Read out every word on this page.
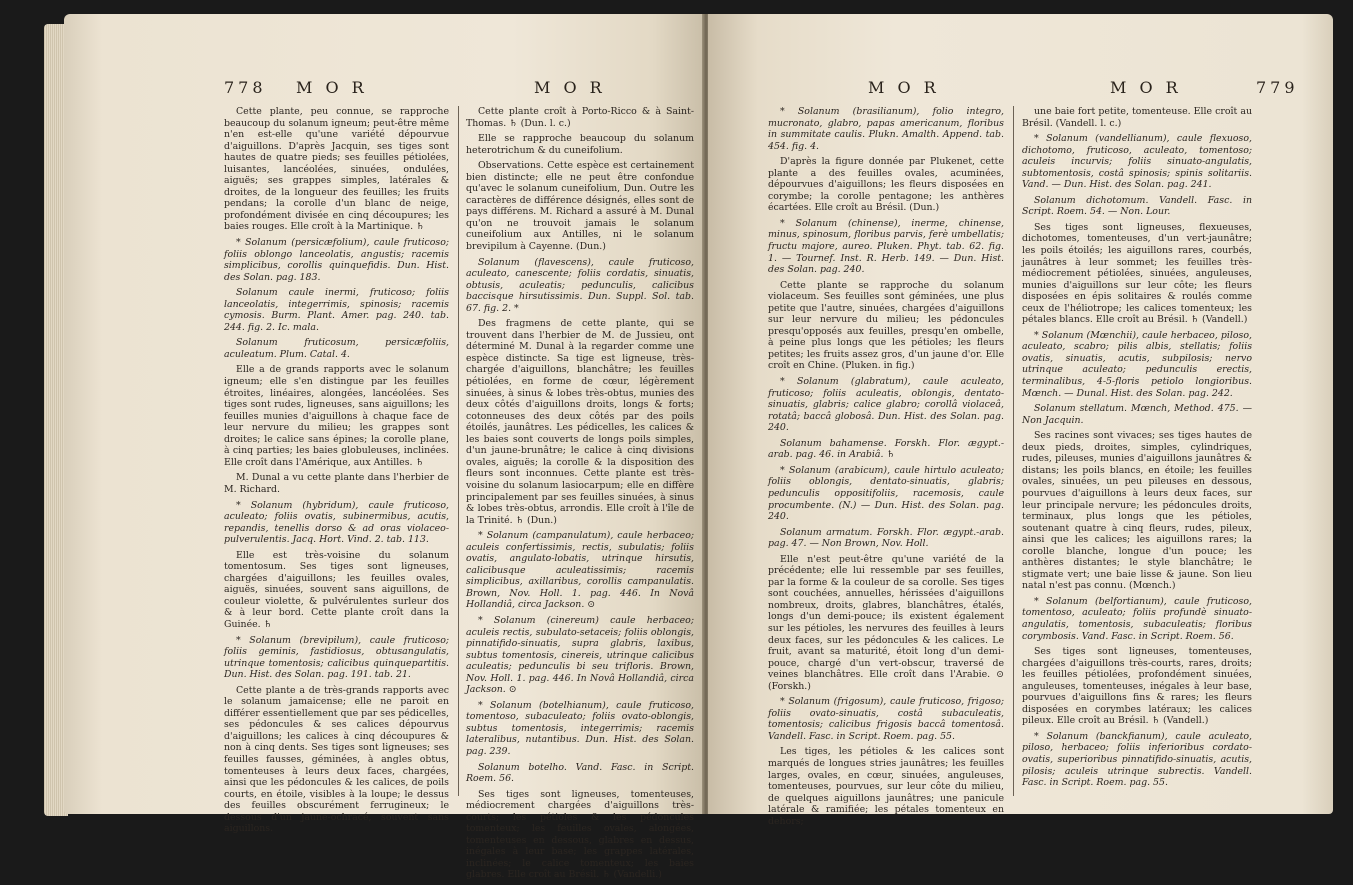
778 M O R	M O R

Cette plante, peu connue, se rapproche beaucoup du solanum igneum; peut-être même n'en est-elle qu'une variété dépourvue d'aiguillons. D'après Jacquin, ses tiges sont hautes de quatre pieds; ses feuilles pétiolées, luisantes, lancéolées, sinuées, ondulées, aiguës; ses grappes simples, latérales & droites, de la longueur des feuilles; les fruits pendans; la corolle d'un blanc de neige, profondément divisée en cinq découpures; les baies rouges. Elle croît à la Martinique. ♄

* Solanum (persicæfolium), caule fruticoso; foliis oblongo lanceolatis, angustis; racemis simplicibus, corollis quinquefidis. Dun. Hist. des Solan. pag. 183.

Solanum caule inermi, fruticoso; foliis lanceolatis, integerrimis, spinosis; racemis cymosis. Burm. Plant. Amer. pag. 240. tab. 244. fig. 2. Ic. mala.

Solanum fruticosum, persicæfoliis, aculeatum. Plum. Catal. 4.

Elle a de grands rapports avec le solanum igneum; elle s'en distingue par les feuilles étroites, linéaires, alongées, lancéolées. Ses tiges sont rudes, ligneuses, sans aiguillons; les feuilles munies d'aiguillons à chaque face de leur nervure du milieu; les grappes sont droites; le calice sans épines; la corolle plane, à cinq parties; les baies globuleuses, inclinées. Elle croît dans l'Amérique, aux Antilles. ♄

M. Dunal a vu cette plante dans l'herbier de M. Richard.

* Solanum (hybridum), caule fruticoso, aculeato; foliis ovatis, subinermibus, acutis, repandis, tenellis dorso & ad oras violaceo-pulverulentis. Jacq. Hort. Vind. 2. tab. 113.

Elle est très-voisine du solanum tomentosum. Ses tiges sont ligneuses, chargées d'aiguillons; les feuilles ovales, aiguës, sinuées, souvent sans aiguillons, de couleur violette, & pulvérulentes surleur dos & à leur bord. Cette plante croît dans la Guinée. ♄

* Solanum (brevipilum), caule fruticoso; foliis geminis, fastidiosus, obtusangulatis, utrinque tomentosis; calicibus quinquepartitis. Dun. Hist. des Solan. pag. 191. tab. 21.

Cette plante a de très-grands rapports avec le solanum jamaicense; elle ne paroit en différer essentiellement que par ses pédicelles, ses pédoncules & ses calices dépourvus d'aiguillons; les calices à cinq découpures & non à cinq dents. Ses tiges sont ligneuses; ses feuilles fausses, géminées, à angles obtus, tomenteuses à leurs deux faces, chargées, ainsi que les pédoncules & les calices, de poils courts, en étoile, visibles à la loupe; le dessus des feuilles obscurément ferrugineux; le dessous d'un jaune-ochracé, souvent sans aiguillons.

Cette plante croît à Porto-Ricco & à Saint-Thomas. ♄ (Dun. l. c.)

Elle se rapproche beaucoup du solanum heterotrichum & du cuneifolium.

Observations. Cette espèce est certainement bien distincte; elle ne peut être confondue qu'avec le solanum cuneifolium, Dun. Outre les caractères de différence désignés, elles sont de pays différens. M. Richard a assuré à M. Dunal qu'on ne trouvoit jamais le solanum cuneifolium aux Antilles, ni le solanum brevipilum à Cayenne. (Dun.)

Solanum (flavescens), caule fruticoso, aculeato, canescente; foliis cordatis, sinuatis, obtusis, aculeatis; pedunculis, calicibus baccisque hirsutissimis. Dun. Suppl. Sol. tab. 67. fig. 2. *

Des fragmens de cette plante, qui se trouvent dans l'herbier de M. de Jussieu, ont déterminé M. Dunal à la regarder comme une espèce distincte. Sa tige est ligneuse, très-chargée d'aiguillons, blanchâtre; les feuilles pétiolées, en forme de cœur, légèrement sinuées, à sinus & lobes très-obtus, munies des deux côtés d'aiguillons droits, longs & forts; cotonneuses des deux côtés par des poils étoilés, jaunâtres. Les pédicelles, les calices & les baies sont couverts de longs poils simples, d'un jaune-brunâtre; le calice à cinq divisions ovales, aiguës; la corolle & la disposition des fleurs sont inconnues. Cette plante est très-voisine du solanum lasiocarpum; elle en diffère principalement par ses feuilles sinuées, à sinus & lobes très-obtus, arrondis. Elle croît à l'île de la Trinité. ♄ (Dun.)

* Solanum (campanulatum), caule herbaceo; aculeis confertissimis, rectis, subulatis; foliis ovatis, angulato-lobatis, utrinque hirsutis, calicibusque aculeatissimis; racemis simplicibus, axillaribus, corollis campanulatis. Brown, Nov. Holl. 1. pag. 446. In Novâ Hollandiâ, circa Jackson. ⊙

* Solanum (cinereum) caule herbaceo; aculeis rectis, subulato-setaceis; foliis oblongis, pinnatifido-sinuatis, supra glabris, laxibus, subtus tomentosis, cinereis, utrinque calicibus aculeatis; pedunculis bi seu trifloris. Brown, Nov. Holl. 1. pag. 446. In Novâ Hollandiâ, circa Jackson. ⊙

* Solanum (botelhianum), caule fruticoso, tomentoso, subaculeato; foliis ovato-oblongis, subtus tomentosis, integerrimis; racemis lateralibus, nutantibus. Dun. Hist. des Solan. pag. 239.

Solanum botelho. Vand. Fasc. in Script. Roem. 56.

Ses tiges sont ligneuses, tomenteuses, médiocrement chargées d'aiguillons très-courts; les pétioles & les pédoncules tomenteux; les feuilles ovales, alongées, tomenteuses en dessous, glabres en dessus, inégales à leur base; les grappes latérales, inclinées; le calice tomenteux; les baies glabres. Elle croît au Brésil. ♄ (Vandelli.)

M O R	M O R	779

* Solanum (brasilianum), folio integro, mucronato, glabro, papas americanum, floribus in summitate caulis. Plukn. Amalth. Append. tab. 454. fig. 4.

D'après la figure donnée par Plukenet, cette plante a des feuilles ovales, acuminées, dépourvues d'aiguillons; les fleurs disposées en corymbe; la corolle pentagone; les anthères écartées. Elle croît au Brésil. (Dun.)

* Solanum (chinense), inerme, chinense, minus, spinosum, floribus parvis, ferè umbellatis; fructu majore, aureo. Pluken. Phyt. tab. 62. fig. 1. — Tournef. Inst. R. Herb. 149. — Dun. Hist. des Solan. pag. 240.

Cette plante se rapproche du solanum violaceum. Ses feuilles sont géminées, une plus petite que l'autre, sinuées, chargées d'aiguillons sur leur nervure du milieu; les pédoncules presqu'opposés aux feuilles, presqu'en ombelle, à peine plus longs que les pétioles; les fleurs petites; les fruits assez gros, d'un jaune d'or. Elle croît en Chine. (Pluken. in fig.)

* Solanum (glabratum), caule aculeato, fruticoso; foliis aculeatis, oblongis, dentato-sinuatis, glabris; calice glabro; corollâ violaceâ, rotatâ; baccâ globosâ. Dun. Hist. des Solan. pag. 240.

Solanum bahamense. Forskh. Flor. ægypt.-arab. pag. 46. in Arabiâ. ♄

* Solanum (arabicum), caule hirtulo aculeato; foliis oblongis, dentato-sinuatis, glabris; pedunculis oppositifoliis, racemosis, caule procumbente. (N.) — Dun. Hist. des Solan. pag. 240.

Solanum armatum. Forskh. Flor. ægypt.-arab. pag. 47. — Non Brown, Nov. Holl.

Elle n'est peut-être qu'une variété de la précédente; elle lui ressemble par ses feuilles, par la forme & la couleur de sa corolle. Ses tiges sont couchées, annuelles, hérissées d'aiguillons nombreux, droits, glabres, blanchâtres, étalés, longs d'un demi-pouce; ils existent également sur les pétioles, les nervures des feuilles à leurs deux faces, sur les pédoncules & les calices. Le fruit, avant sa maturité, étoit long d'un demi-pouce, chargé d'un vert-obscur, traversé de veines blanchâtres. Elle croît dans l'Arabie. ⊙ (Forskh.)

* Solanum (frigosum), caule fruticoso, frigoso; foliis ovato-sinuatis, costâ subaculeatis, tomentosis; calicibus frigosis baccâ tomentosâ. Vandell. Fasc. in Script. Roem. pag. 55.

Les tiges, les pétioles & les calices sont marqués de longues stries jaunâtres; les feuilles larges, ovales, en cœur, sinuées, anguleuses, tomenteuses, pourvues, sur leur côte du milieu, de quelques aiguillons jaunâtres; une panicule latérale & ramifiée; les pétales tomenteux en dehors;

une baie fort petite, tomenteuse. Elle croît au Brésil. (Vandell. l. c.)

* Solanum (vandellianum), caule flexuoso, dichotomo, fruticoso, aculeato, tomentoso; aculeis incurvis; foliis sinuato-angulatis, subtomentosis, costâ spinosis; spinis solitariis. Vand. — Dun. Hist. des Solan. pag. 241.

Solanum dichotomum. Vandell. Fasc. in Script. Roem. 54. — Non. Lour.

Ses tiges sont ligneuses, flexueuses, dichotomes, tomenteuses, d'un vert-jaunâtre; les poils étoilés; les aiguillons rares, courbés, jaunâtres à leur sommet; les feuilles très-médiocrement pétiolées, sinuées, anguleuses, munies d'aiguillons sur leur côte; les fleurs disposées en épis solitaires & roulés comme ceux de l'héliotrope; les calices tomenteux; les pétales blancs. Elle croît au Brésil. ♄ (Vandell.)

* Solanum (Mœnchii), caule herbaceo, piloso, aculeato, scabro; pilis albis, stellatis; foliis ovatis, sinuatis, acutis, subpilosis; nervo utrinque aculeato; pedunculis erectis, terminalibus, 4-5-floris petiolo longioribus. Mœnch. — Dunal. Hist. des Solan. pag. 242.

Solanum stellatum. Mœnch, Method. 475. — Non Jacquin.

Ses racines sont vivaces; ses tiges hautes de deux pieds, droites, simples, cylindriques, rudes, pileuses, munies d'aiguillons jaunâtres & distans; les poils blancs, en étoile; les feuilles ovales, sinuées, un peu pileuses en dessous, pourvues d'aiguillons à leurs deux faces, sur leur principale nervure; les pédoncules droits, terminaux, plus longs que les pétioles, soutenant quatre à cinq fleurs, rudes, pileux, ainsi que les calices; les aiguillons rares; la corolle blanche, longue d'un pouce; les anthères distantes; le style blanchâtre; le stigmate vert; une baie lisse & jaune. Son lieu natal n'est pas connu. (Mœnch.)

* Solanum (belfortianum), caule fruticoso, tomentoso, aculeato; foliis profundè sinuato-angulatis, tomentosis, subaculeatis; floribus corymbosis. Vand. Fasc. in Script. Roem. 56.

Ses tiges sont ligneuses, tomenteuses, chargées d'aiguillons très-courts, rares, droits; les feuilles pétiolées, profondément sinuées, anguleuses, tomenteuses, inégales à leur base, pourvues d'aiguillons fins & rares; les fleurs disposées en corymbes latéraux; les calices pileux. Elle croît au Brésil. ♄ (Vandell.)

* Solanum (banckfianum), caule aculeato, piloso, herbaceo; foliis inferioribus cordato-ovatis, superioribus pinnatifido-sinuatis, acutis, pilosis; aculeis utrinque subrectis. Vandell. Fasc. in Script. Roem. pag. 55.
